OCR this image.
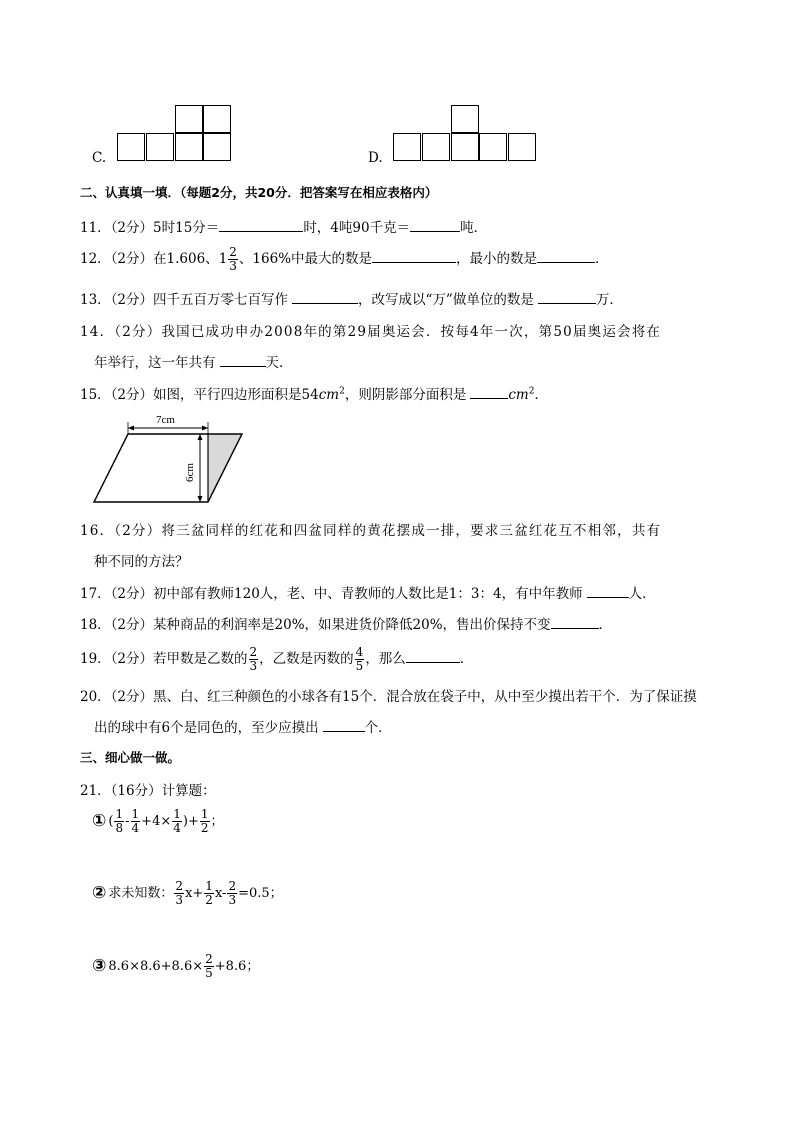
C.	D.
二、认真填一填．（每题2分，共20分．把答案写在相应表格内）
11．（2分）5时15分＝	时，4吨90千克＝	吨．
12．（2分）在1.606、$1 \frac{2}{3}$ 、166%中最大的数是	，最小的数是	．
13．（2分）四千五百万零七百写作	，改写成以“万”做单位的数是	万．
14．（2分）我国已成功申办2008年的第29届奥运会．按每4年一次，第50届奥运会将在
年举行，这一年共有	天．
15．（2分）如图，平行四边形面积是$54cm^2$，则阴影部分面积是	$cm^2$．
7cm
6cm
16．（2分）将三盆同样的红花和四盆同样的黄花摆成一排，要求三盆红花互不相邻，共有
种不同的方法？
17．（2分）初中部有教师120人，老、中、青教师的人数比是1：3：4，有中年教师	人．
18．（2分）某种商品的利润率是20%，如果进货价降低20%，售出价保持不变	．
19．（2分）若甲数是乙数的 $\frac{2}{3}$ ，乙数是丙数的 $\frac{4}{5}$ ，那么	．
20．（2分）黑、白、红三种颜色的小球各有15个．混合放在袋子中，从中至少摸出若干个．为了保证摸
出的球中有6个是同色的，至少应摸出	个．
三、细心做一做。
21．（16分）计算题：
① ( $\frac{1}{8} - \frac{1}{4} +4\times \frac{1}{4}$ )+ $\frac{1}{2}$ ；
② 求未知数： $\frac{2}{3} x+ \frac{1}{2} x- \frac{2}{3} =0.5$；
③ $8.6\times 8.6+8.6\times \frac{2}{5} +8.6$；
